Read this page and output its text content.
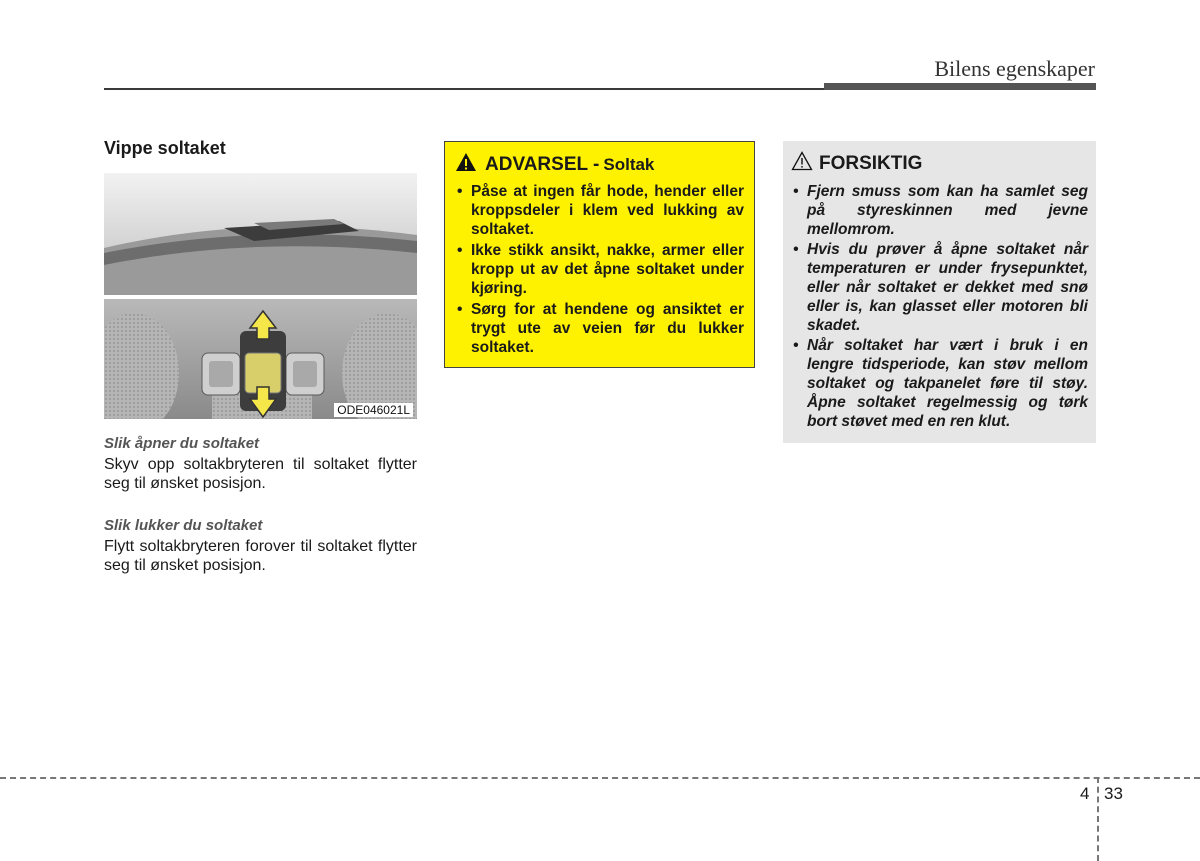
Bilens egenskaper
Vippe soltaket
ODE046021L
Slik åpner du soltaket

Skyv opp soltakbryteren til soltaket flytter seg til ønsket posisjon.

Slik lukker du soltaket

Flytt soltakbryteren forover til soltaket flytter seg til ønsket posisjon.

ADVARSEL - Soltak
• Påse at ingen får hode, hender eller kroppsdeler i klem ved lukking av soltaket.
• Ikke stikk ansikt, nakke, armer eller kropp ut av det åpne soltaket under kjøring.
• Sørg for at hendene og ansiktet er trygt ute av veien før du lukker soltaket.
FORSIKTIG
• Fjern smuss som kan ha samlet seg på styreskinnen med jevne mellomrom.
• Hvis du prøver å åpne soltaket når temperaturen er under frysepunktet, eller når soltaket er dekket med snø eller is, kan glasset eller motoren bli skadet.
• Når soltaket har vært i bruk i en lengre tidsperiode, kan støv mellom soltaket og takpanelet føre til støy. Åpne soltaket regelmessig og tørk bort støvet med en ren klut.
4 33
